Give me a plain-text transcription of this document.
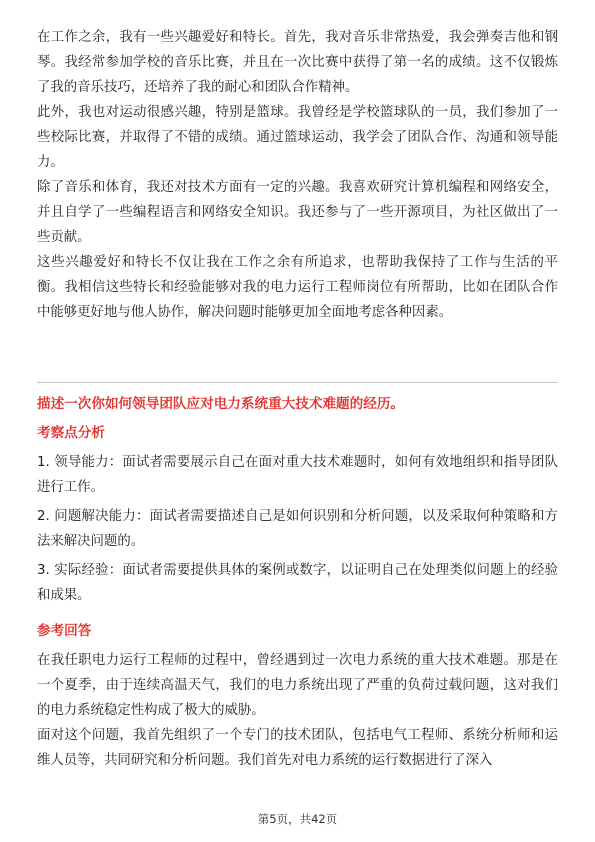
在工作之余，我有一些兴趣爱好和特长。首先，我对音乐非常热爱，我会弹奏吉他和钢琴。我经常参加学校的音乐比赛，并且在一次比赛中获得了第一名的成绩。这不仅锻炼了我的音乐技巧，还培养了我的耐心和团队合作精神。

此外，我也对运动很感兴趣，特别是篮球。我曾经是学校篮球队的一员，我们参加了一些校际比赛，并取得了不错的成绩。通过篮球运动，我学会了团队合作、沟通和领导能力。

除了音乐和体育，我还对技术方面有一定的兴趣。我喜欢研究计算机编程和网络安全，并且自学了一些编程语言和网络安全知识。我还参与了一些开源项目，为社区做出了一些贡献。

这些兴趣爱好和特长不仅让我在工作之余有所追求，也帮助我保持了工作与生活的平衡。我相信这些特长和经验能够对我的电力运行工程师岗位有所帮助，比如在团队合作中能够更好地与他人协作，解决问题时能够更加全面地考虑各种因素。

描述一次你如何领导团队应对电力系统重大技术难题的经历。

考察点分析

1. 领导能力：面试者需要展示自己在面对重大技术难题时，如何有效地组织和指导团队进行工作。

2. 问题解决能力：面试者需要描述自己是如何识别和分析问题，以及采取何种策略和方法来解决问题的。

3. 实际经验：面试者需要提供具体的案例或数字，以证明自己在处理类似问题上的经验和成果。

参考回答

在我任职电力运行工程师的过程中，曾经遇到过一次电力系统的重大技术难题。那是在一个夏季，由于连续高温天气，我们的电力系统出现了严重的负荷过载问题，这对我们的电力系统稳定性构成了极大的威胁。

面对这个问题，我首先组织了一个专门的技术团队，包括电气工程师、系统分析师和运维人员等，共同研究和分析问题。我们首先对电力系统的运行数据进行了深入

第5页，共42页
